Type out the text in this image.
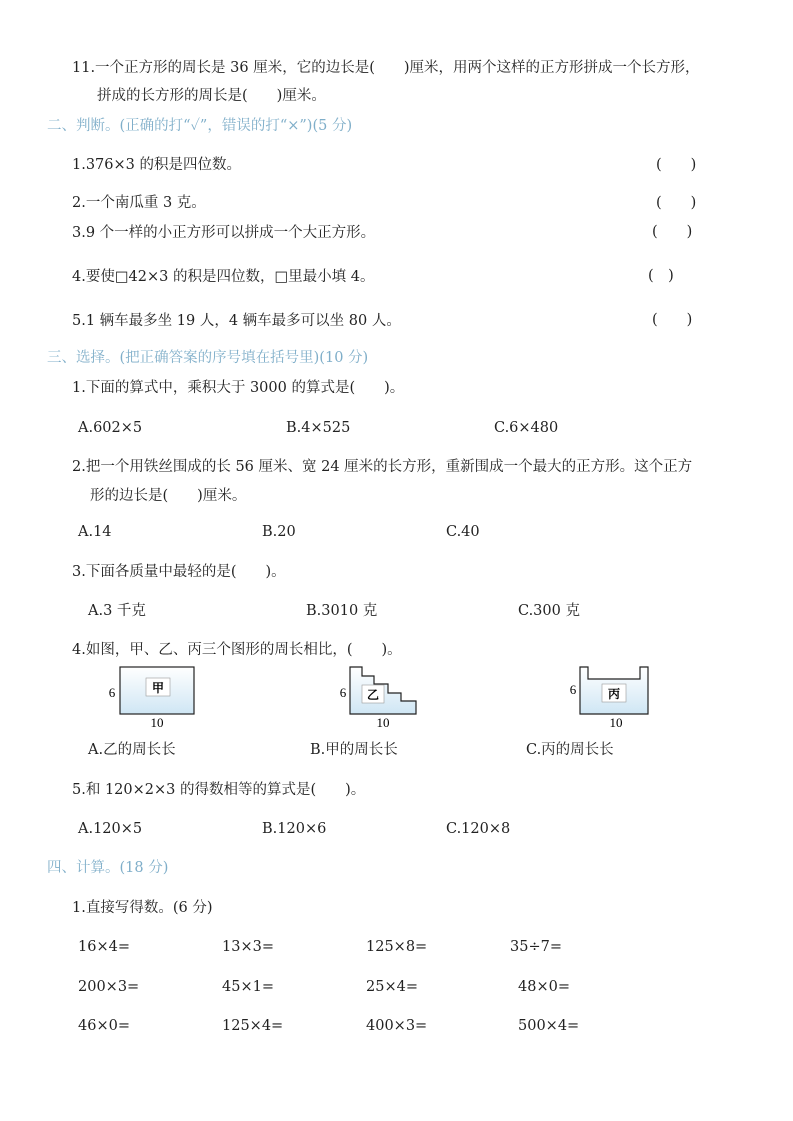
11.一个正方形的周长是 36 厘米，它的边长是(　　)厘米，用两个这样的正方形拼成一个长方形，
拼成的长方形的周长是(　　)厘米。
二、判断。(正确的打“✓”，错误的打“×”)(5 分)
1.376×3 的积是四位数。	(　　)
2.一个南瓜重 3 克。	(　　)
3.9 个一样的小正方形可以拼成一个大正方形。	(　　)
4.要使□42×3 的积是四位数，□里最小填 4。	(　)
5.1 辆车最多坐 19 人，4 辆车最多可以坐 80 人。	(　　)
三、选择。(把正确答案的序号填在括号里)(10 分)
1.下面的算式中，乘积大于 3000 的算式是(　　)。
A.602×5	B.4×525	C.6×480
2.把一个用铁丝围成的长 56 厘米、宽 24 厘米的长方形，重新围成一个最大的正方形。这个正方
形的边长是(　　)厘米。
A.14	B.20	C.40
3.下面各质量中最轻的是(　　)。
A.3 千克	B.3010 克	C.300 克
4.如图，甲、乙、丙三个图形的周长相比，(　　)。
甲
6
10
乙
6
10
丙
6
10
A.乙的周长长	B.甲的周长长	C.丙的周长长
5.和 120×2×3 的得数相等的算式是(　　)。
A.120×5	B.120×6	C.120×8
四、计算。(18 分)
1.直接写得数。(6 分)
16×4=	13×3=	125×8=	35÷7=
200×3=	45×1=	25×4=	48×0=
46×0=	125×4=	400×3=	500×4=
